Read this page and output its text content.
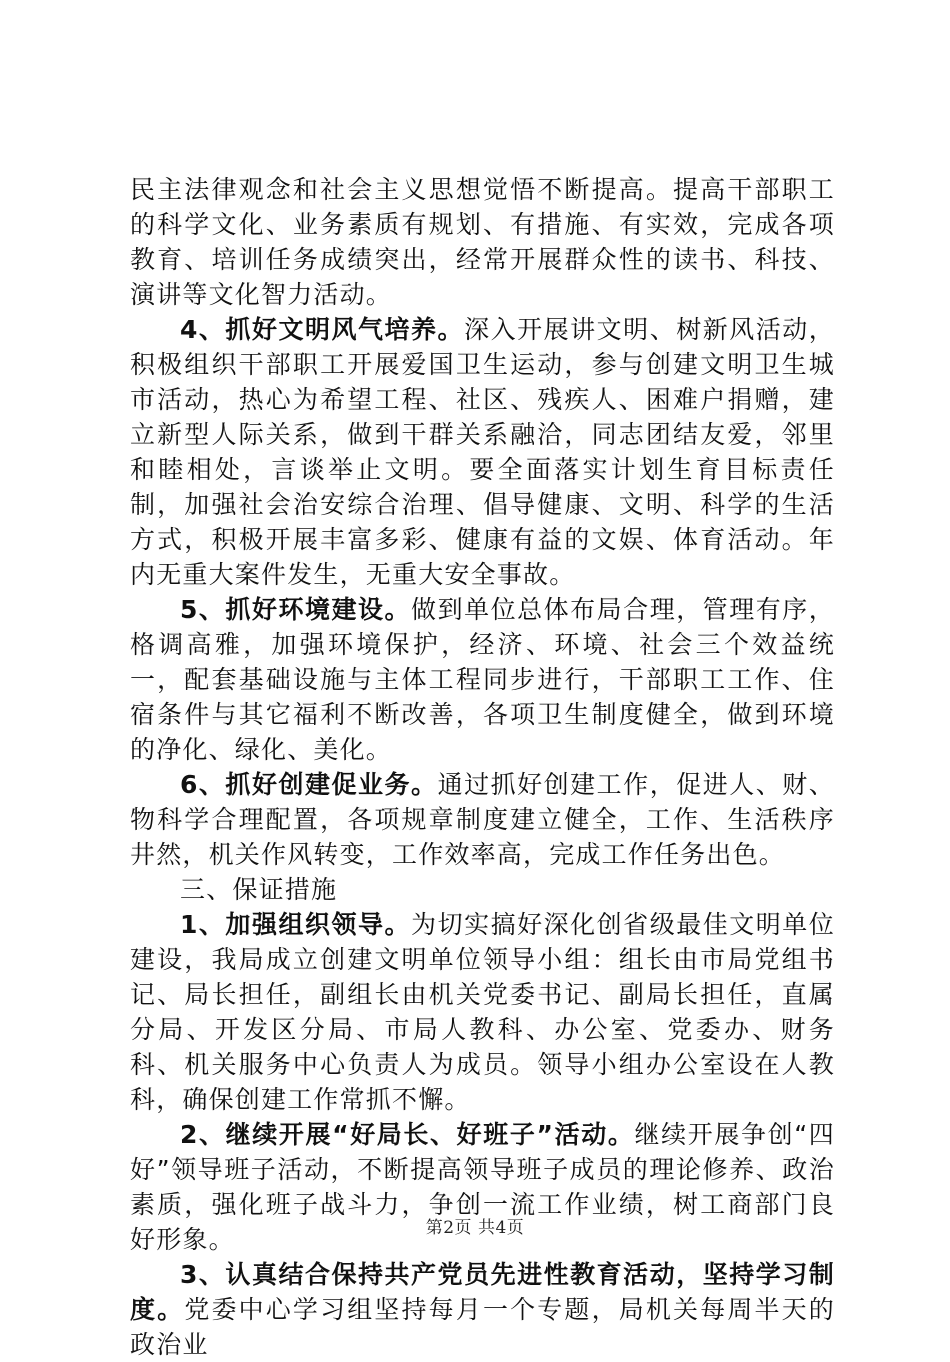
民主法律观念和社会主义思想觉悟不断提高。提高干部职工的科学文化、业务素质有规划、有措施、有实效，完成各项教育、培训任务成绩突出，经常开展群众性的读书、科技、演讲等文化智力活动。

4、抓好文明风气培养。深入开展讲文明、树新风活动，积极组织干部职工开展爱国卫生运动，参与创建文明卫生城市活动，热心为希望工程、社区、残疾人、困难户捐赠，建立新型人际关系，做到干群关系融洽，同志团结友爱，邻里和睦相处，言谈举止文明。要全面落实计划生育目标责任制，加强社会治安综合治理、倡导健康、文明、科学的生活方式，积极开展丰富多彩、健康有益的文娱、体育活动。年内无重大案件发生，无重大安全事故。

5、抓好环境建设。做到单位总体布局合理，管理有序，格调高雅，加强环境保护，经济、环境、社会三个效益统一，配套基础设施与主体工程同步进行，干部职工工作、住宿条件与其它福利不断改善，各项卫生制度健全，做到环境的净化、绿化、美化。

6、抓好创建促业务。通过抓好创建工作，促进人、财、物科学合理配置，各项规章制度建立健全，工作、生活秩序井然，机关作风转变，工作效率高，完成工作任务出色。

三、保证措施

1、加强组织领导。为切实搞好深化创省级最佳文明单位建设，我局成立创建文明单位领导小组：组长由市局党组书记、局长担任，副组长由机关党委书记、副局长担任，直属分局、开发区分局、市局人教科、办公室、党委办、财务科、机关服务中心负责人为成员。领导小组办公室设在人教科，确保创建工作常抓不懈。

2、继续开展“好局长、好班子”活动。继续开展争创“四好”领导班子活动，不断提高领导班子成员的理论修养、政治素质，强化班子战斗力，争创一流工作业绩，树工商部门良好形象。

3、认真结合保持共产党员先进性教育活动，坚持学习制度。党委中心学习组坚持每月一个专题，局机关每周半天的政治业

第2页 共4页
